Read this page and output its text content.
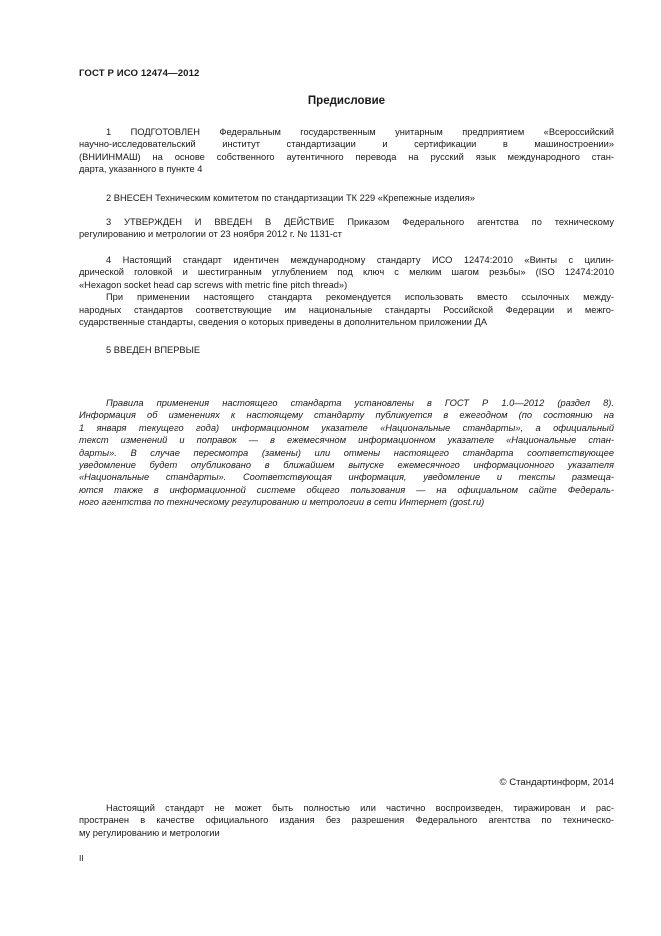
ГОСТ Р ИСО 12474—2012
Предисловие
1 ПОДГОТОВЛЕН Федеральным государственным унитарным предприятием «Всероссийский
научно-исследовательский институт стандартизации и сертификации в машиностроении»
(ВНИИНМАШ) на основе собственного аутентичного перевода на русский язык международного стан-
дарта, указанного в пункте 4
2 ВНЕСЕН Техническим комитетом по стандартизации ТК 229 «Крепежные изделия»
3 УТВЕРЖДЕН И ВВЕДЕН В ДЕЙСТВИЕ Приказом Федерального агентства по техническому
регулированию и метрологии от 23 ноября 2012 г. № 1131-ст
4 Настоящий стандарт идентичен международному стандарту ИСО 12474:2010 «Винты с цилин-
дрической головкой и шестигранным углублением под ключ с мелким шагом резьбы» (ISO 12474:2010
«Hexagon socket head cap screws with metric fine pitch thread»)
При применении настоящего стандарта рекомендуется использовать вместо ссылочных между-
народных стандартов соответствующие им национальные стандарты Российской Федерации и межго-
сударственные стандарты, сведения о которых приведены в дополнительном приложении ДА
5 ВВЕДЕН ВПЕРВЫЕ
Правила применения настоящего стандарта установлены в ГОСТ Р 1.0—2012 (раздел 8).
Информация об изменениях к настоящему стандарту публикуется в ежегодном (по состоянию на
1 января текущего года) информационном указателе «Национальные стандарты», а официальный
текст изменений и поправок — в ежемесячном информационном указателе «Национальные стан-
дарты». В случае пересмотра (замены) или отмены настоящего стандарта соответствующее
уведомление будет опубликовано в ближайшем выпуске ежемесячного информационного указателя
«Национальные стандарты». Соответствующая информация, уведомление и тексты размеща-
ются также в информационной системе общего пользования — на официальном сайте Федераль-
ного агентства по техническому регулированию и метрологии в сети Интернет (gost.ru)
© Стандартинформ, 2014
Настоящий стандарт не может быть полностью или частично воспроизведен, тиражирован и рас-
пространен в качестве официального издания без разрешения Федерального агентства по техническо-
му регулированию и метрологии
II
